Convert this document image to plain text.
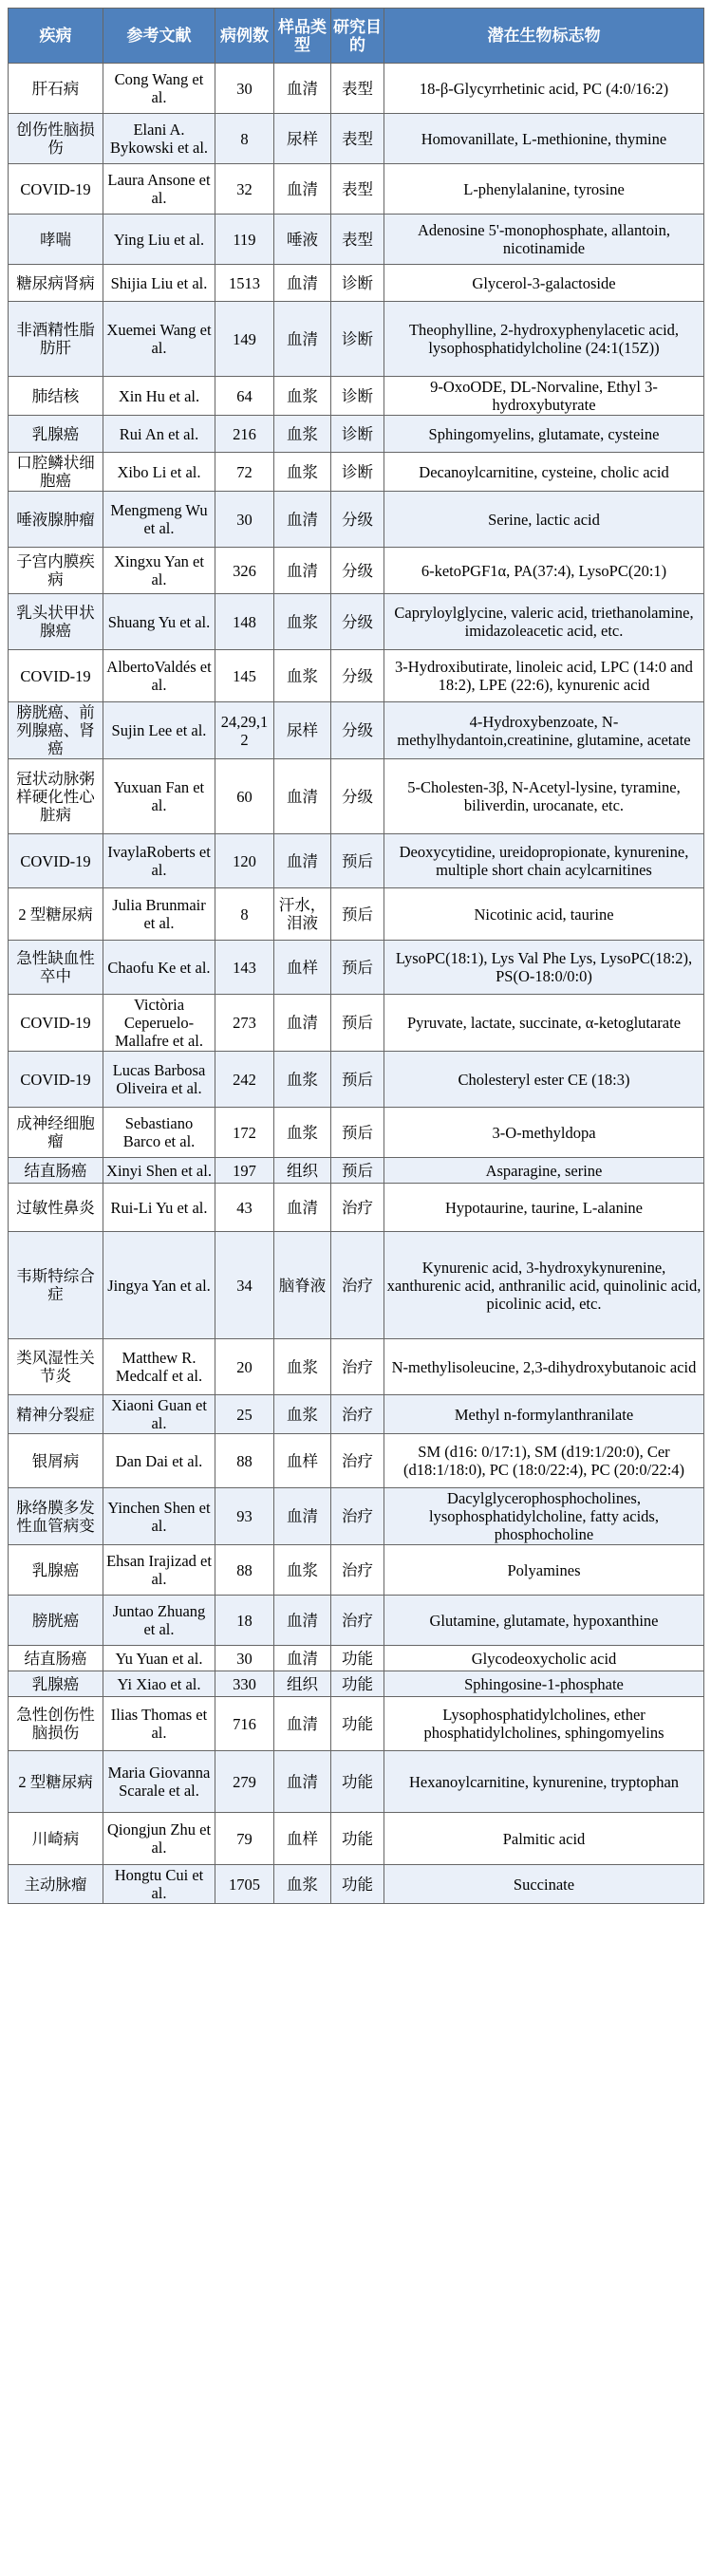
疾病	参考文献	病例数	样品类型	研究目的	潜在生物标志物
肝石病	Cong Wang et al.	30	血清	表型	18-β-Glycyrrhetinic acid, PC (4:0/16:2)
创伤性脑损伤	Elani A. Bykowski et al.	8	尿样	表型	Homovanillate, L-methionine, thymine
COVID-19	Laura Ansone et al.	32	血清	表型	L-phenylalanine, tyrosine
哮喘	Ying Liu et al.	119	唾液	表型	Adenosine 5'-monophosphate, allantoin, nicotinamide
糖尿病肾病	Shijia Liu et al.	1513	血清	诊断	Glycerol-3-galactoside
非酒精性脂肪肝	Xuemei Wang et al.	149	血清	诊断	Theophylline, 2-hydroxyphenylacetic acid, lysophosphatidylcholine (24:1(15Z))
肺结核	Xin Hu et al.	64	血浆	诊断	9-OxoODE, DL-Norvaline, Ethyl 3-hydroxybutyrate
乳腺癌	Rui An et al.	216	血浆	诊断	Sphingomyelins, glutamate, cysteine
口腔鳞状细胞癌	Xibo Li et al.	72	血浆	诊断	Decanoylcarnitine, cysteine, cholic acid
唾液腺肿瘤	Mengmeng Wu et al.	30	血清	分级	Serine, lactic acid
子宫内膜疾病	Xingxu Yan et al.	326	血清	分级	6-ketoPGF1α, PA(37:4), LysoPC(20:1)
乳头状甲状腺癌	Shuang Yu et al.	148	血浆	分级	Capryloylglycine, valeric acid, triethanolamine, imidazoleacetic acid, etc.
COVID-19	AlbertoValdés et al.	145	血浆	分级	3-Hydroxibutirate, linoleic acid, LPC (14:0 and 18:2), LPE (22:6), kynurenic acid
膀胱癌、前列腺癌、肾癌	Sujin Lee et al.	24,29,12	尿样	分级	4-Hydroxybenzoate, N-methylhydantoin,creatinine, glutamine, acetate
冠状动脉粥样硬化性心脏病	Yuxuan Fan et al.	60	血清	分级	5-Cholesten-3β, N-Acetyl-lysine, tyramine, biliverdin, urocanate, etc.
COVID-19	IvaylaRoberts et al.	120	血清	预后	Deoxycytidine, ureidopropionate, kynurenine, multiple short chain acylcarnitines
2 型糖尿病	Julia Brunmair et al.	8	汗水，泪液	预后	Nicotinic acid, taurine
急性缺血性卒中	Chaofu Ke et al.	143	血样	预后	LysoPC(18:1), Lys Val Phe Lys, LysoPC(18:2), PS(O-18:0/0:0)
COVID-19	Victòria Ceperuelo-Mallafre et al.	273	血清	预后	Pyruvate, lactate, succinate, α-ketoglutarate
COVID-19	Lucas Barbosa Oliveira et al.	242	血浆	预后	Cholesteryl ester CE (18:3)
成神经细胞瘤	Sebastiano Barco et al.	172	血浆	预后	3-O-methyldopa
结直肠癌	Xinyi Shen et al.	197	组织	预后	Asparagine, serine
过敏性鼻炎	Rui-Li Yu et al.	43	血清	治疗	Hypotaurine, taurine, L-alanine
韦斯特综合症	Jingya Yan et al.	34	脑脊液	治疗	Kynurenic acid, 3-hydroxykynurenine, xanthurenic acid, anthranilic acid, quinolinic acid, picolinic acid, etc.
类风湿性关节炎	Matthew R. Medcalf et al.	20	血浆	治疗	N-methylisoleucine, 2,3-dihydroxybutanoic acid
精神分裂症	Xiaoni Guan et al.	25	血浆	治疗	Methyl n-formylanthranilate
银屑病	Dan Dai et al.	88	血样	治疗	SM (d16: 0/17:1), SM (d19:1/20:0), Cer (d18:1/18:0), PC (18:0/22:4), PC (20:0/22:4)
脉络膜多发性血管病变	Yinchen Shen et al.	93	血清	治疗	Dacylglycerophosphocholines, lysophosphatidylcholine, fatty acids, phosphocholine
乳腺癌	Ehsan Irajizad et al.	88	血浆	治疗	Polyamines
膀胱癌	Juntao Zhuang et al.	18	血清	治疗	Glutamine, glutamate, hypoxanthine
结直肠癌	Yu Yuan et al.	30	血清	功能	Glycodeoxycholic acid
乳腺癌	Yi Xiao et al.	330	组织	功能	Sphingosine-1-phosphate
急性创伤性脑损伤	Ilias Thomas et al.	716	血清	功能	Lysophosphatidylcholines, ether phosphatidylcholines, sphingomyelins
2 型糖尿病	Maria Giovanna Scarale et al.	279	血清	功能	Hexanoylcarnitine, kynurenine, tryptophan
川崎病	Qiongjun Zhu et al.	79	血样	功能	Palmitic acid
主动脉瘤	Hongtu Cui et al.	1705	血浆	功能	Succinate
